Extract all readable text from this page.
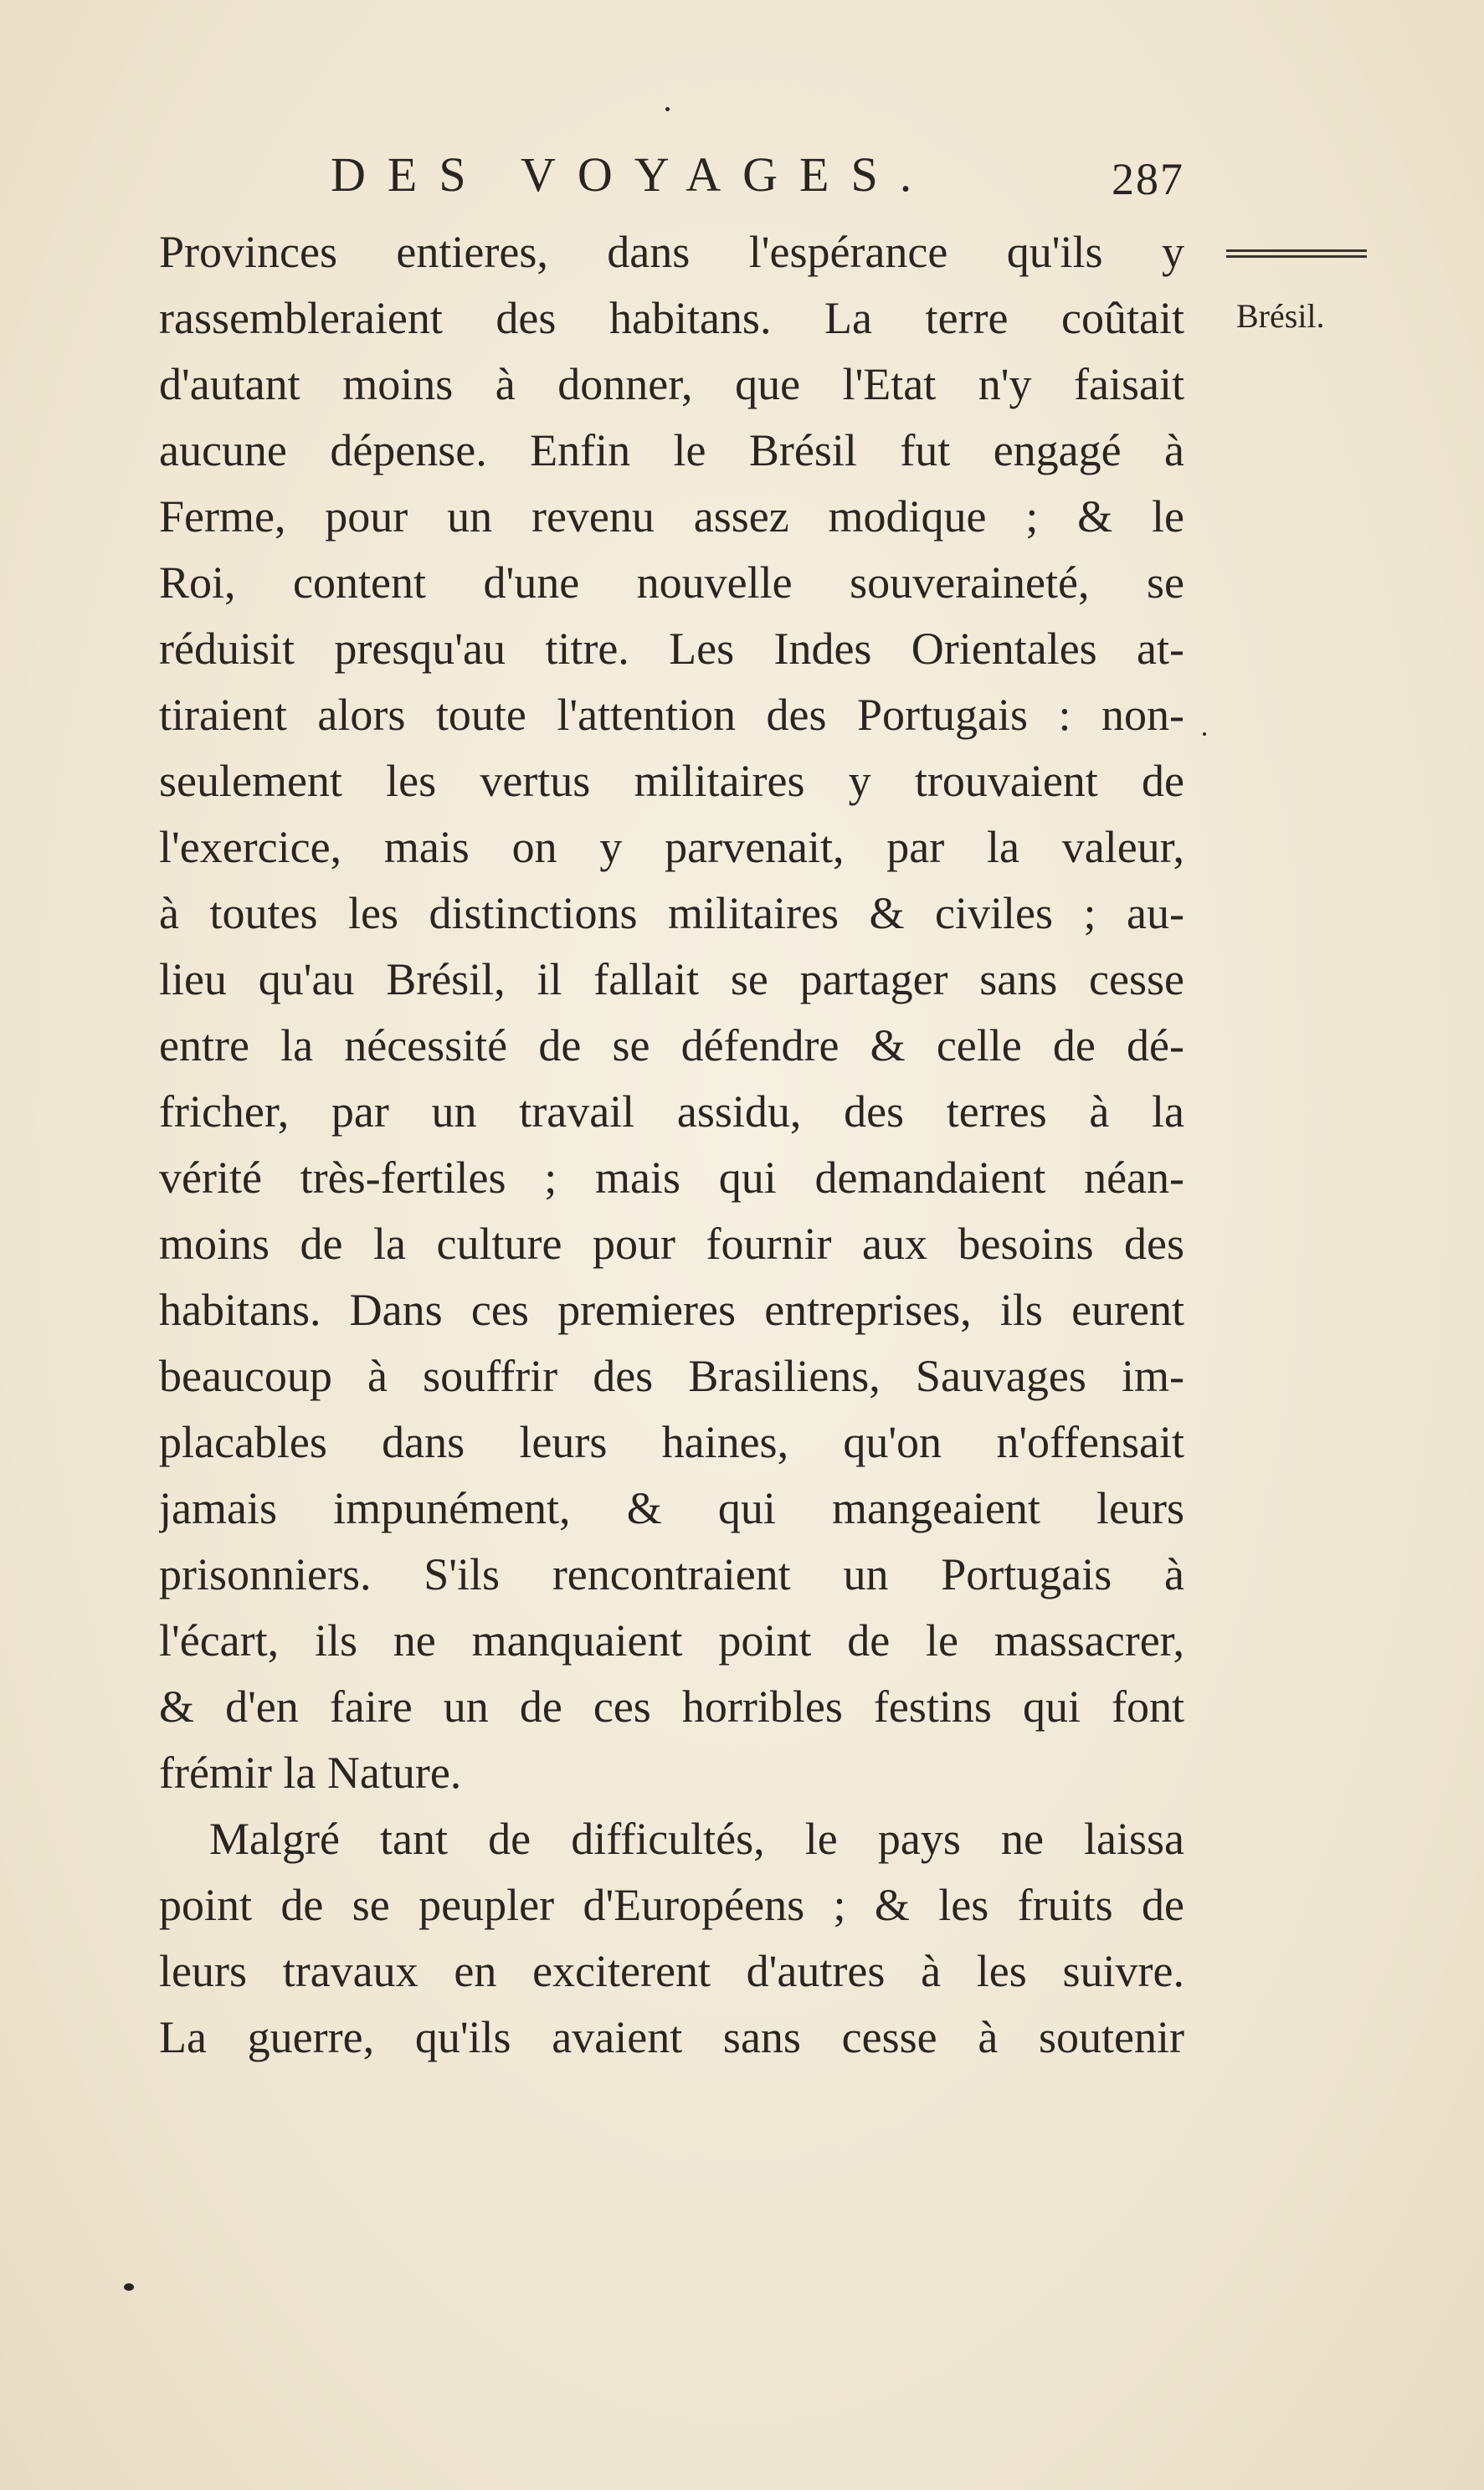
DES VOYAGES.	287
Brésil.
Provinces entieres, dans l'espérance qu'ils y
rassembleraient des habitans. La terre coûtait
d'autant moins à donner, que l'Etat n'y faisait
aucune dépense. Enfin le Brésil fut engagé à
Ferme, pour un revenu assez modique ; & le
Roi, content d'une nouvelle souveraineté, se
réduisit presqu'au titre. Les Indes Orientales at-
tiraient alors toute l'attention des Portugais : non-
seulement les vertus militaires y trouvaient de
l'exercice, mais on y parvenait, par la valeur,
à toutes les distinctions militaires & civiles ; au-
lieu qu'au Brésil, il fallait se partager sans cesse
entre la nécessité de se défendre & celle de dé-
fricher, par un travail assidu, des terres à la
vérité très-fertiles ; mais qui demandaient néan-
moins de la culture pour fournir aux besoins des
habitans. Dans ces premieres entreprises, ils eurent
beaucoup à souffrir des Brasiliens, Sauvages im-
placables dans leurs haines, qu'on n'offensait
jamais impunément, & qui mangeaient leurs
prisonniers. S'ils rencontraient un Portugais à
l'écart, ils ne manquaient point de le massacrer,
& d'en faire un de ces horribles festins qui font
frémir la Nature.
Malgré tant de difficultés, le pays ne laissa
point de se peupler d'Européens ; & les fruits de
leurs travaux en exciterent d'autres à les suivre.
La guerre, qu'ils avaient sans cesse à soutenir
